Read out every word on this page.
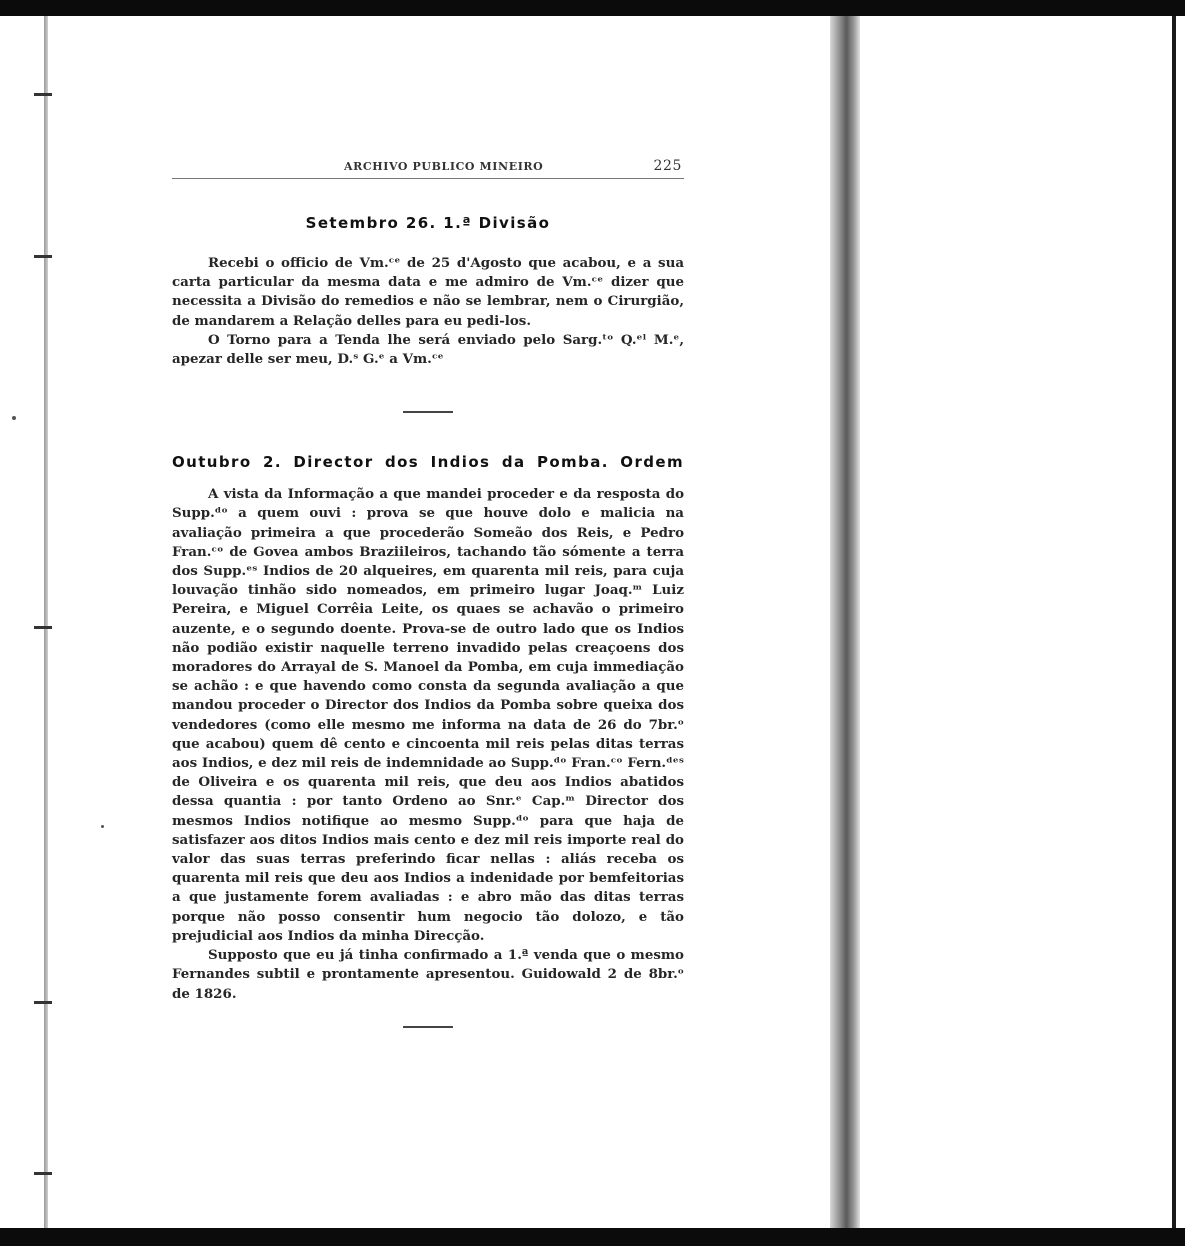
ARCHIVO PUBLICO MINEIRO	225
Setembro 26. 1.ª Divisão

Recebi o officio de Vm.ᶜᵉ de 25 d'Agosto que acabou, e a sua carta particular da mesma data e me admiro de Vm.ᶜᵉ dizer que necessita a Divisão do remedios e não se lembrar, nem o Cirurgião, de mandarem a Relação delles para eu pedi-los.

O Torno para a Tenda lhe será enviado pelo Sarg.ᵗᵒ Q.ᵉˡ M.ᵉ, apezar delle ser meu, D.ˢ G.ᵉ a Vm.ᶜᵉ

Outubro 2. Director dos Indios da Pomba. Ordem

A vista da Informação a que mandei proceder e da resposta do Supp.ᵈᵒ a quem ouvi : prova se que houve dolo e malicia na avaliação primeira a que procederão Someão dos Reis, e Pedro Fran.ᶜᵒ de Govea ambos Braziileiros, tachando tão sómente a terra dos Supp.ᵉˢ Indios de 20 alqueires, em quarenta mil reis, para cuja louvação tinhão sido nomeados, em primeiro lugar Joaq.ᵐ Luiz Pereira, e Miguel Corrêia Leite, os quaes se achavão o primeiro auzente, e o segundo doente. Prova-se de outro lado que os Indios não podião existir naquelle terreno invadido pelas creaçoens dos moradores do Arrayal de S. Manoel da Pomba, em cuja immediação se achão : e que havendo como consta da segunda avaliação a que mandou proceder o Director dos Indios da Pomba sobre queixa dos vendedores (como elle mesmo me informa na data de 26 do 7br.ᵒ que acabou) quem dê cento e cincoenta mil reis pelas ditas terras aos Indios, e dez mil reis de indemnidade ao Supp.ᵈᵒ Fran.ᶜᵒ Fern.ᵈᵉˢ de Oliveira e os quarenta mil reis, que deu aos Indios abatidos dessa quantia : por tanto Ordeno ao Snr.ᵉ Cap.ᵐ Director dos mesmos Indios notifique ao mesmo Supp.ᵈᵒ para que haja de satisfazer aos ditos Indios mais cento e dez mil reis importe real do valor das suas terras preferindo ficar nellas : aliás receba os quarenta mil reis que deu aos Indios a indenidade por bemfeitorias a que justamente forem avaliadas : e abro mão das ditas terras porque não posso consentir hum negocio tão dolozo, e tão prejudicial aos Indios da minha Direcção.

Supposto que eu já tinha confirmado a 1.ª venda que o mesmo Fernandes subtil e prontamente apresentou. Guidowald 2 de 8br.ᵒ de 1826.
